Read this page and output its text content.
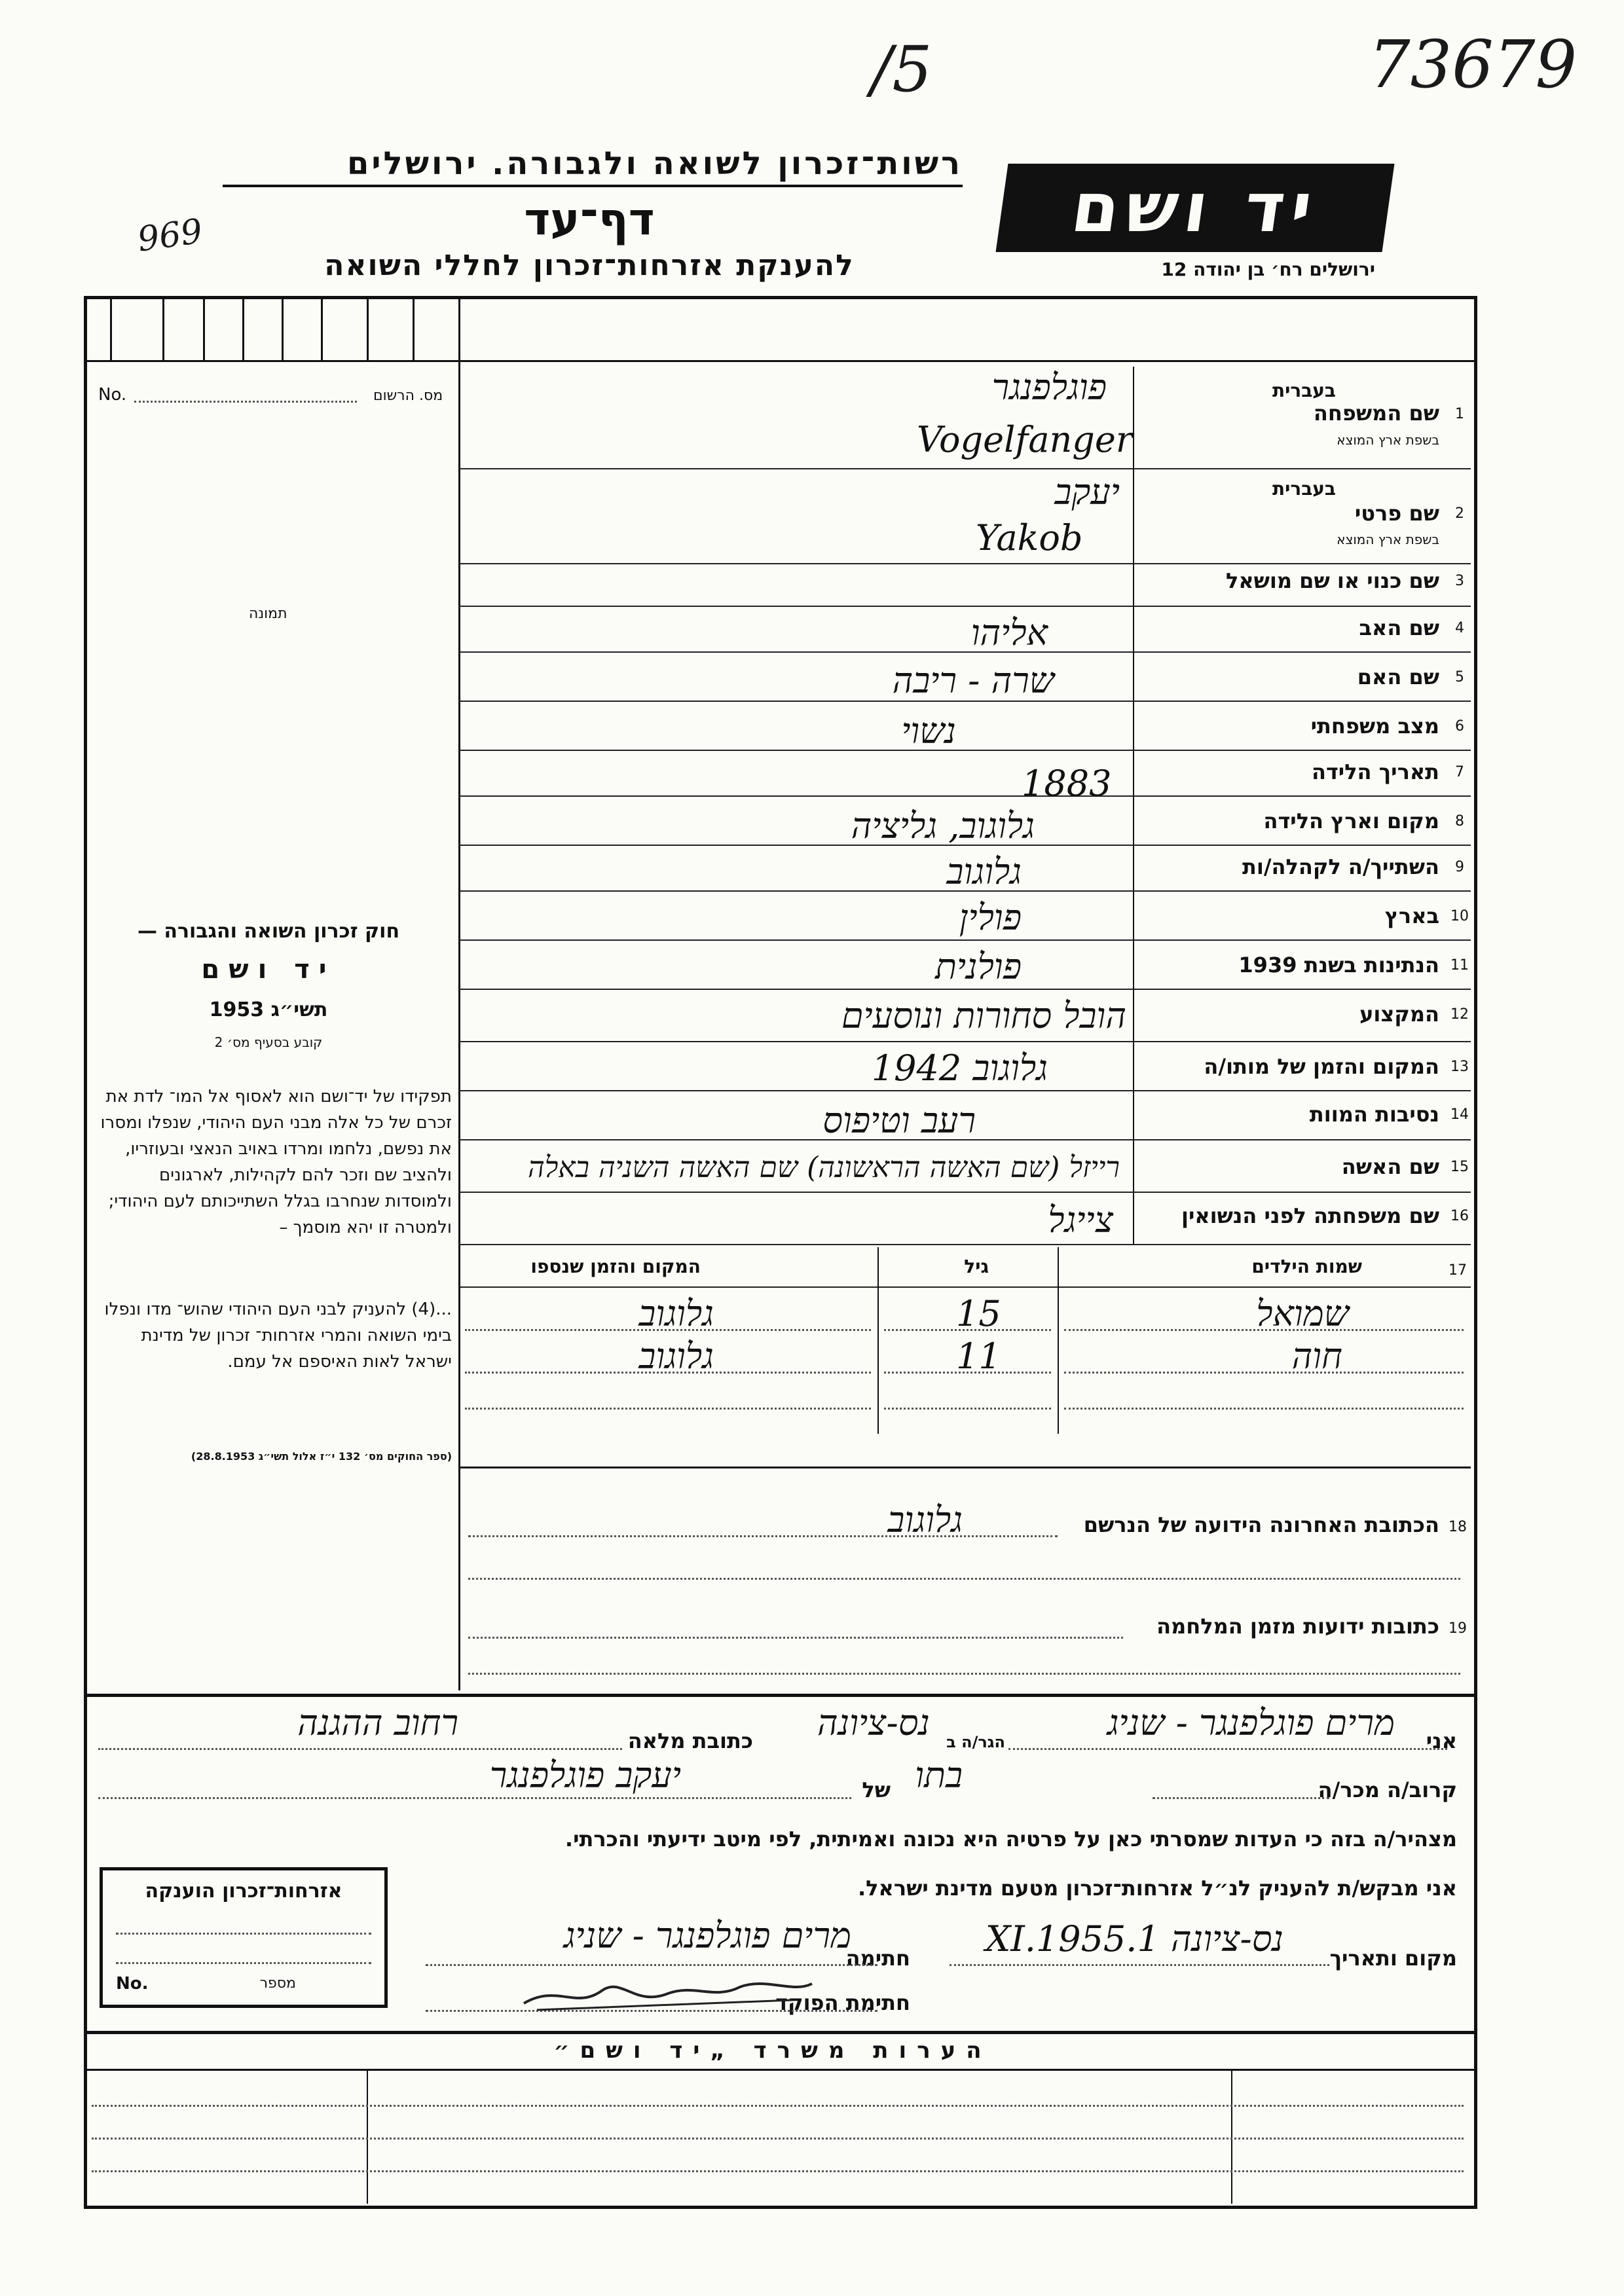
/5	73679
969
רשות־זכרון לשואה ולגבורה. ירושלים
דף־עד
להענקת אזרחות־זכרון לחללי השואה
יד ושם
ירושלים רח׳ בן יהודה 12
מס. הרשום
No.
תמונה
חוק זכרון השואה והגבורה —
יד ושם
תשי״ג 1953
קובע בסעיף מס׳ 2
תפקידו של יד־ושם הוא לאסוף אל המו־ לדת את זכרם של כל אלה מבני העם היהודי, שנפלו ומסרו את נפשם, נלחמו ומרדו באויב הנאצי ובעוזריו, ולהציב שם וזכר להם לקהילות, לארגונים ולמוסדות שנחרבו בגלל השתייכותם לעם היהודי; ולמטרה זו יהא מוסמך –
...(4) להעניק לבני העם היהודי שהוש־ מדו ונפלו בימי השואה והמרי אזרחות־ זכרון של מדינת ישראל לאות האיספם אל עמם.
(ספר החוקים מס׳ 132 י״ז אלול תשי״ג 28.8.1953)
1
שם המשפחה
בעברית
בשפת ארץ המוצא
פוגלפנגר
Vogelfanger
2
שם פרטי
בעברית
בשפת ארץ המוצא
יעקב
Yakob
3
שם כנוי או שם מושאל
4
שם האב
אליהו
5
שם האם
שרה - ריבה
6
מצב משפחתי
נשוי
7
תאריך הלידה
1883
8
מקום וארץ הלידה
גלוגוב, גליציה
9
השתייך/ה לקהלה/ות
גלוגוב
10
בארץ
פולין
11
הנתינות בשנת 1939
פולנית
12
המקצוע
הובל סחורות ונוסעים
13
המקום והזמן של מותו/ה
גלוגוב 1942
14
נסיבות המוות
רעב וטיפוס
15
שם האשה
רייזל (שם האשה הראשונה) שם האשה השניה באלה
16
שם משפחתה לפני הנשואין
צייגל
17
שמות הילדים
גיל
המקום והזמן שנספו
שמואל
15
גלוגוב
חוה
11
גלוגוב
18
הכתובת האחרונה הידועה של הנרשם
גלוגוב
19
כתובות ידועות מזמן המלחמה
אני
מרים פוגלפנגר - שניג
הגר/ה ב
נס-ציונה
כתובת מלאה
רחוב ההגנה
קרוב/ה מכר/ה
בתו
של
יעקב פוגלפנגר
מצהיר/ה בזה כי העדות שמסרתי כאן על פרטיה היא נכונה ואמיתית, לפי מיטב ידיעתי והכרתי.
אני מבקש/ת להעניק לנ״ל אזרחות־זכרון מטעם מדינת ישראל.
מקום ותאריך
נס-ציונה 1.XI.1955
חתימה
מרים פוגלפנגר - שניג
חתימת הפוקד
אזרחות־זכרון הוענקה
No.	מספר
הערות משרד „יד ושם״
